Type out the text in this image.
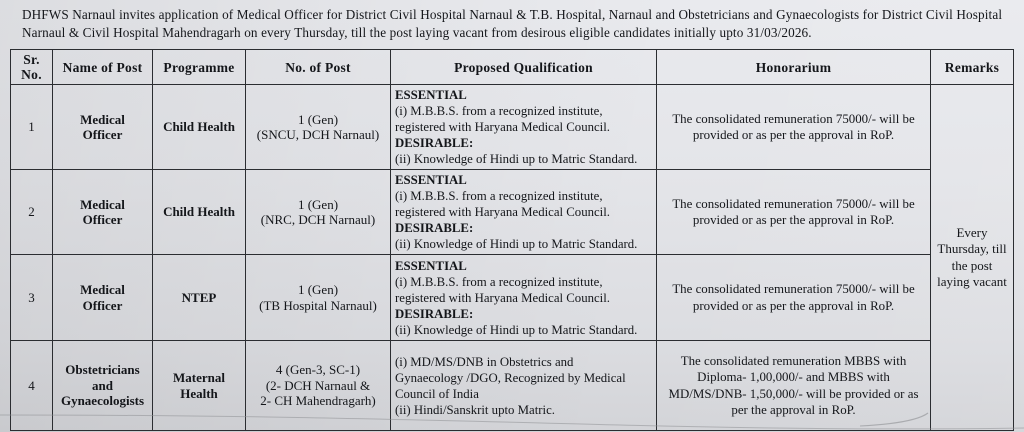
DHFWS Narnaul invites application of Medical Officer for District Civil Hospital Narnaul & T.B. Hospital, Narnaul and Obstetricians and Gynaecologists for District Civil Hospital
Narnaul & Civil Hospital Mahendragarh on every Thursday, till the post laying vacant from desirous eligible candidates initially upto 31/03/2026.
Sr.
No.	Name of Post	Programme	No. of Post	Proposed Qualification	Honorarium	Remarks
1	Medical
Officer	Child Health	1 (Gen)
(SNCU, DCH Narnaul)	ESSENTIAL
(i) M.B.B.S. from a recognized institute,
registered with Haryana Medical Council.
DESIRABLE:
(ii) Knowledge of Hindi up to Matric Standard.	The consolidated remuneration 75000/- will be provided or as per the approval in RoP.	Every Thursday, till the post laying vacant
2	Medical
Officer	Child Health	1 (Gen)
(NRC, DCH Narnaul)	ESSENTIAL
(i) M.B.B.S. from a recognized institute,
registered with Haryana Medical Council.
DESIRABLE:
(ii) Knowledge of Hindi up to Matric Standard.	The consolidated remuneration 75000/- will be provided or as per the approval in RoP.	
3	Medical
Officer	NTEP	1 (Gen)
(TB Hospital Narnaul)	ESSENTIAL
(i) M.B.B.S. from a recognized institute,
registered with Haryana Medical Council.
DESIRABLE:
(ii) Knowledge of Hindi up to Matric Standard.	The consolidated remuneration 75000/- will be provided or as per the approval in RoP.	
4	Obstetricians
and
Gynaecologists	Maternal
Health	4 (Gen-3, SC-1)
(2- DCH Narnaul &
2- CH Mahendragarh)	(i) MD/MS/DNB in Obstetrics and
Gynaecology /DGO, Recognized by Medical
Council of India
(ii) Hindi/Sanskrit upto Matric.	The consolidated remuneration MBBS with Diploma- 1,00,000/- and MBBS with MD/MS/DNB- 1,50,000/- will be provided or as per the approval in RoP.	
